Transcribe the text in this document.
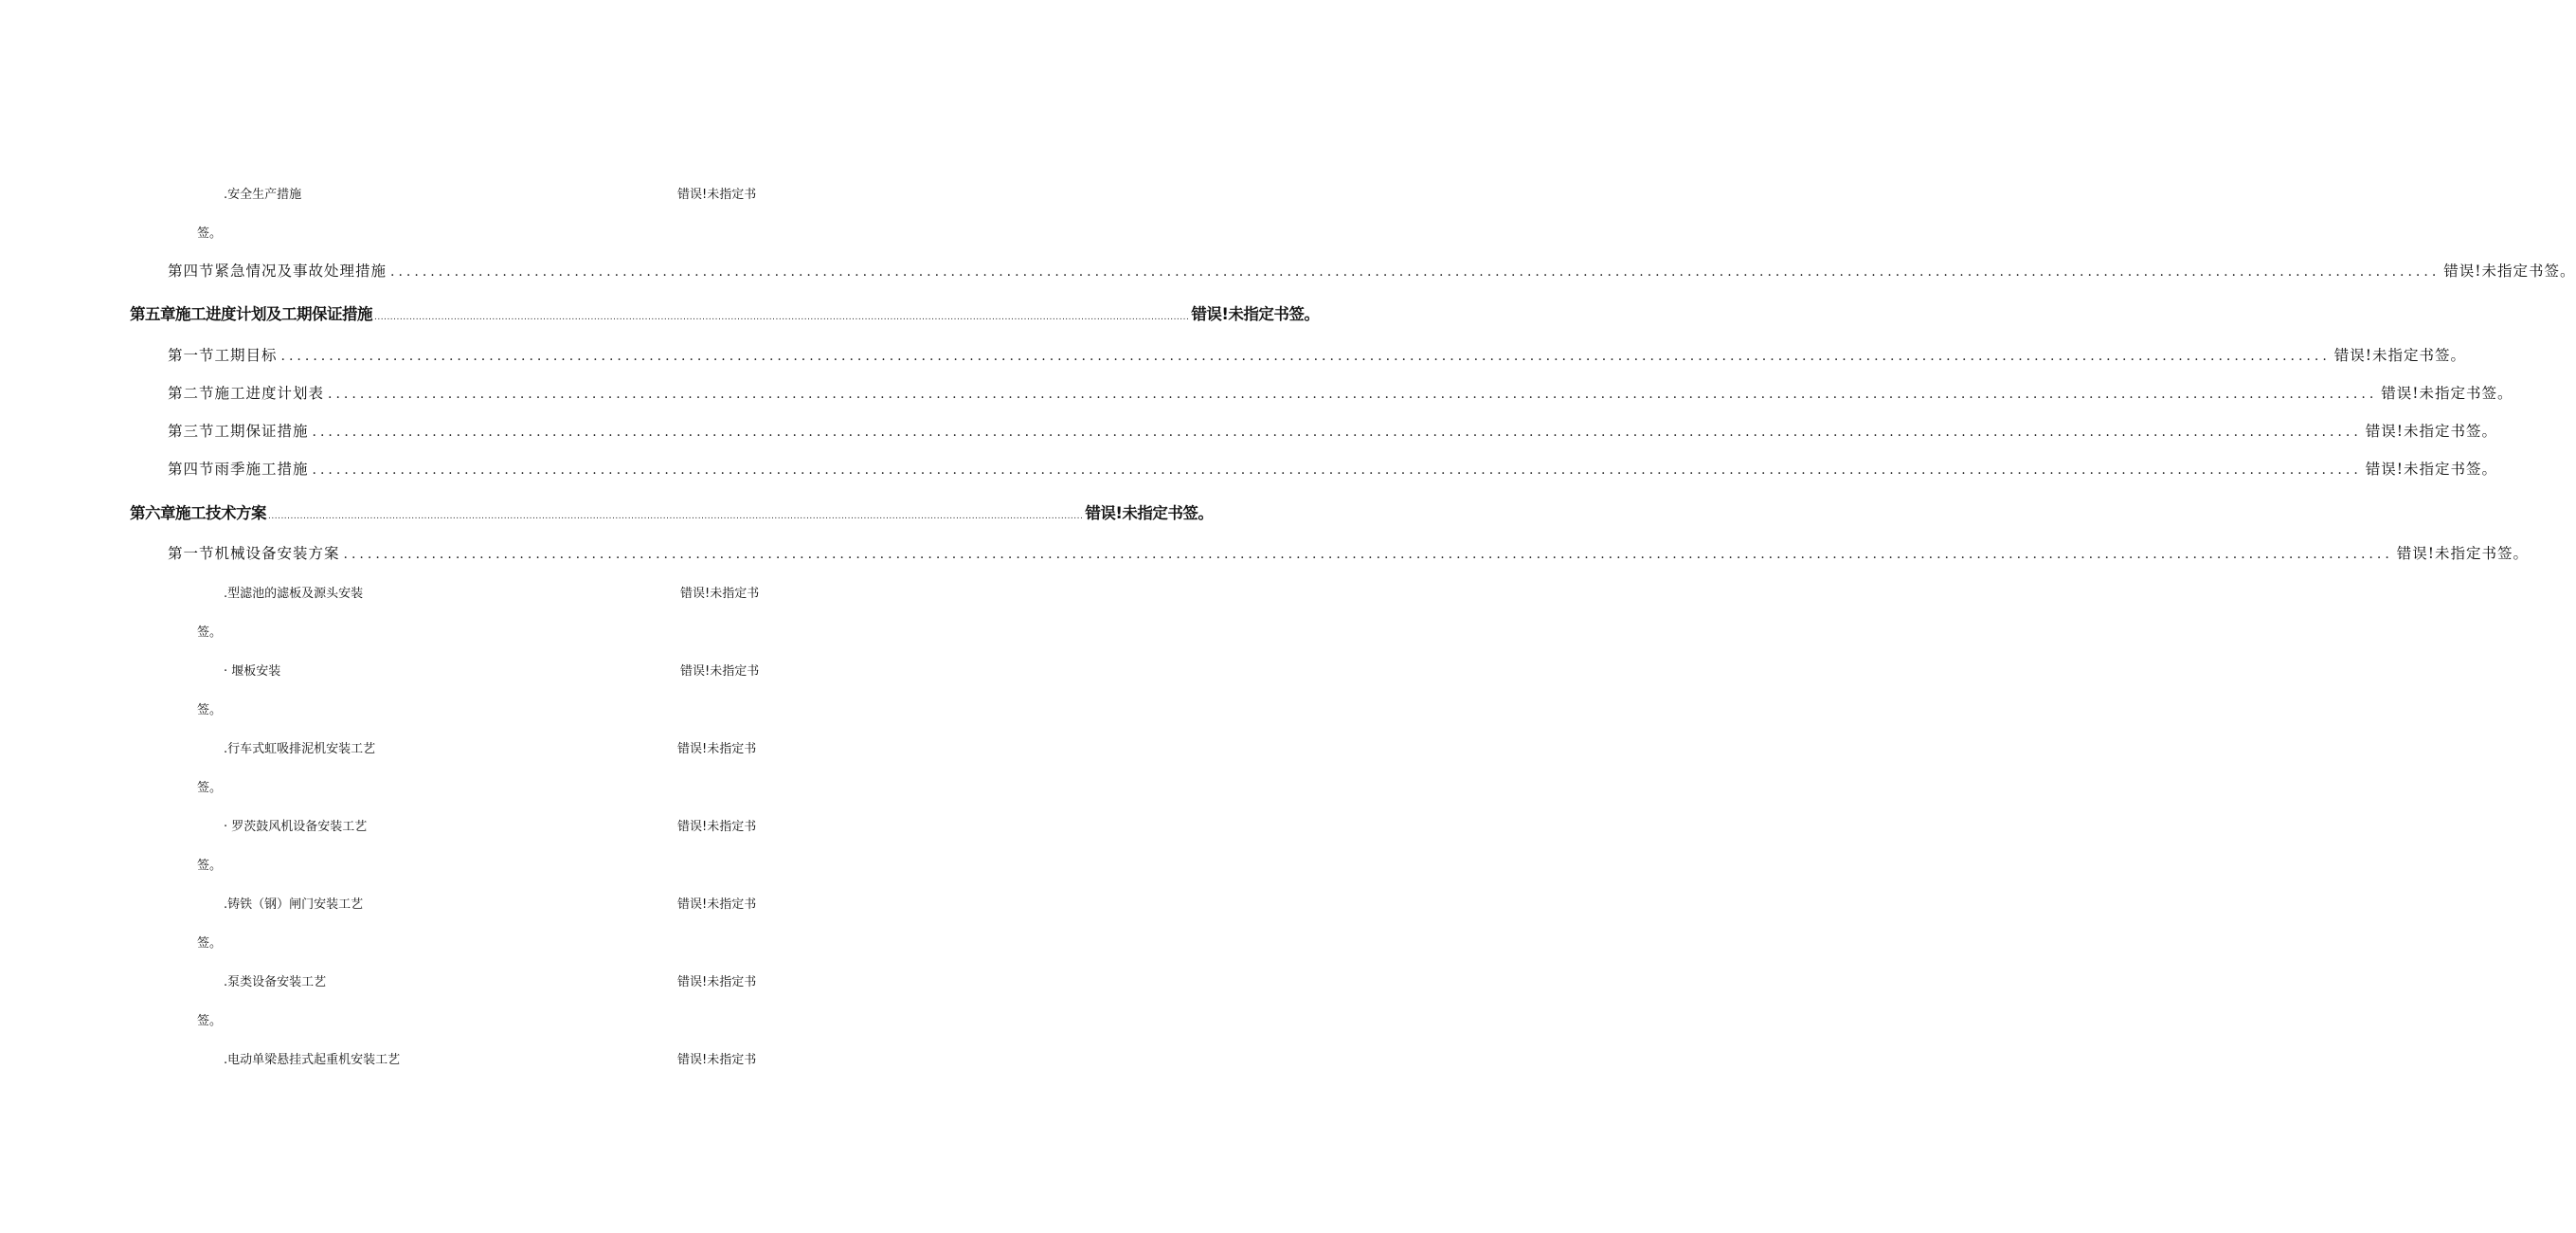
.安全生产措施	错误!未指定书
签。
第四节紧急情况及事故处理措施 ................................................................................................................................................................................................................................................................ 错误!未指定书签。
第五章施工进度计划及工期保证措施 ................................................................................................................................................................................................................................................................ 错误!未指定书签。
第一节工期目标 ................................................................................................................................................................................................................................................................ 错误!未指定书签。
第二节施工进度计划表 ................................................................................................................................................................................................................................................................ 错误!未指定书签。
第三节工期保证措施 ................................................................................................................................................................................................................................................................ 错误!未指定书签。
第四节雨季施工措施 ................................................................................................................................................................................................................................................................ 错误!未指定书签。
第六章施工技术方案 ................................................................................................................................................................................................................................................................ 错误!未指定书签。
第一节机械设备安装方案 ................................................................................................................................................................................................................................................................ 错误!未指定书签。
.型滤池的滤板及源头安装	错误!未指定书
签。
· 堰板安装	错误!未指定书
签。
.行车式虹吸排泥机安装工艺	错误!未指定书
签。
· 罗茨鼓风机设备安装工艺	错误!未指定书
签。
.铸铁（钢）闸门安装工艺	错误!未指定书
签。
.泵类设备安装工艺	错误!未指定书
签。
.电动单梁悬挂式起重机安装工艺	错误!未指定书
